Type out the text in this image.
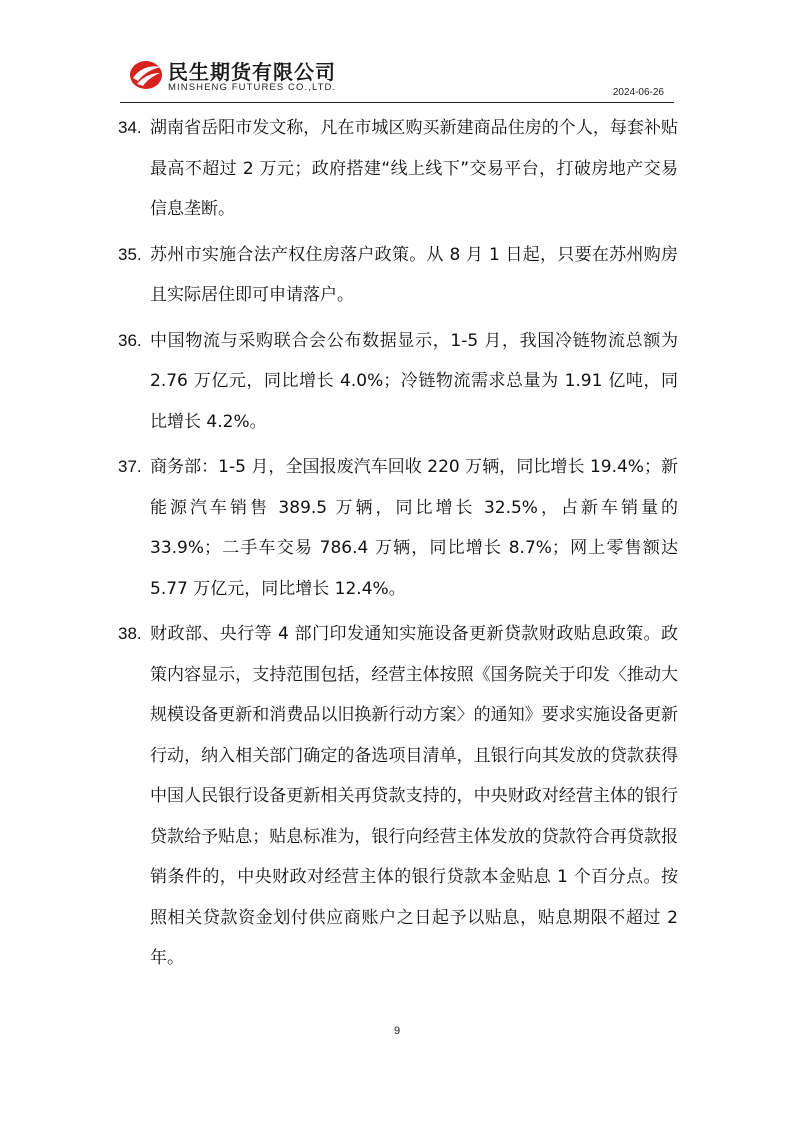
民生期货有限公司
MINSHENG FUTURES CO.,LTD.	2024-06-26
34. 湖南省岳阳市发文称，凡在市城区购买新建商品住房的个人，每套补贴最高不超过 2 万元；政府搭建“线上线下”交易平台，打破房地产交易信息垄断。
35. 苏州市实施合法产权住房落户政策。从 8 月 1 日起，只要在苏州购房且实际居住即可申请落户。
36. 中国物流与采购联合会公布数据显示，1-5 月，我国冷链物流总额为 2.76 万亿元，同比增长 4.0%；冷链物流需求总量为 1.91 亿吨，同比增长 4.2%。
37. 商务部：1-5 月，全国报废汽车回收 220 万辆，同比增长 19.4%；新能源汽车销售 389.5 万辆，同比增长 32.5%，占新车销量的 33.9%；二手车交易 786.4 万辆，同比增长 8.7%；网上零售额达 5.77 万亿元，同比增长 12.4%。
38. 财政部、央行等 4 部门印发通知实施设备更新贷款财政贴息政策。政策内容显示，支持范围包括，经营主体按照《国务院关于印发〈推动大规模设备更新和消费品以旧换新行动方案〉的通知》要求实施设备更新行动，纳入相关部门确定的备选项目清单，且银行向其发放的贷款获得中国人民银行设备更新相关再贷款支持的，中央财政对经营主体的银行贷款给予贴息；贴息标准为，银行向经营主体发放的贷款符合再贷款报销条件的，中央财政对经营主体的银行贷款本金贴息 1 个百分点。按照相关贷款资金划付供应商账户之日起予以贴息，贴息期限不超过 2 年。
9
